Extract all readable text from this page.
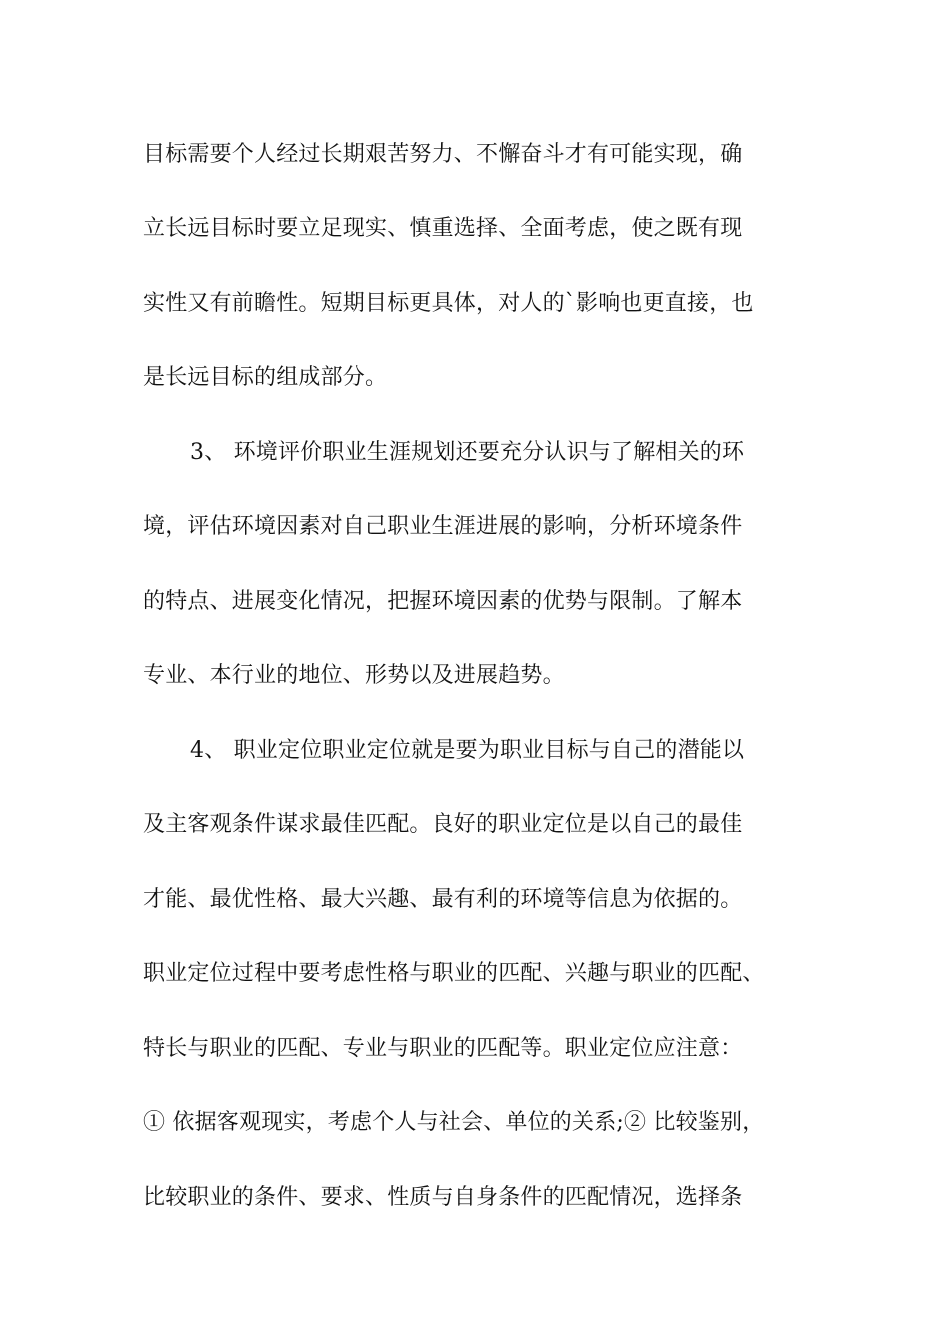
目标需要个人经过长期艰苦努力、不懈奋斗才有可能实现，确
立长远目标时要立足现实、慎重选择、全面考虑，使之既有现
实性又有前瞻性。短期目标更具体，对人的`影响也更直接，也
是长远目标的组成部分。
3、 环境评价职业生涯规划还要充分认识与了解相关的环
境，评估环境因素对自己职业生涯进展的影响，分析环境条件
的特点、进展变化情况，把握环境因素的优势与限制。了解本
专业、本行业的地位、形势以及进展趋势。
4、 职业定位职业定位就是要为职业目标与自己的潜能以
及主客观条件谋求最佳匹配。良好的职业定位是以自己的最佳
才能、最优性格、最大兴趣、最有利的环境等信息为依据的。
职业定位过程中要考虑性格与职业的匹配、兴趣与职业的匹配、
特长与职业的匹配、专业与职业的匹配等。职业定位应注意：
① 依据客观现实，考虑个人与社会、单位的关系;② 比较鉴别，
比较职业的条件、要求、性质与自身条件的匹配情况，选择条
